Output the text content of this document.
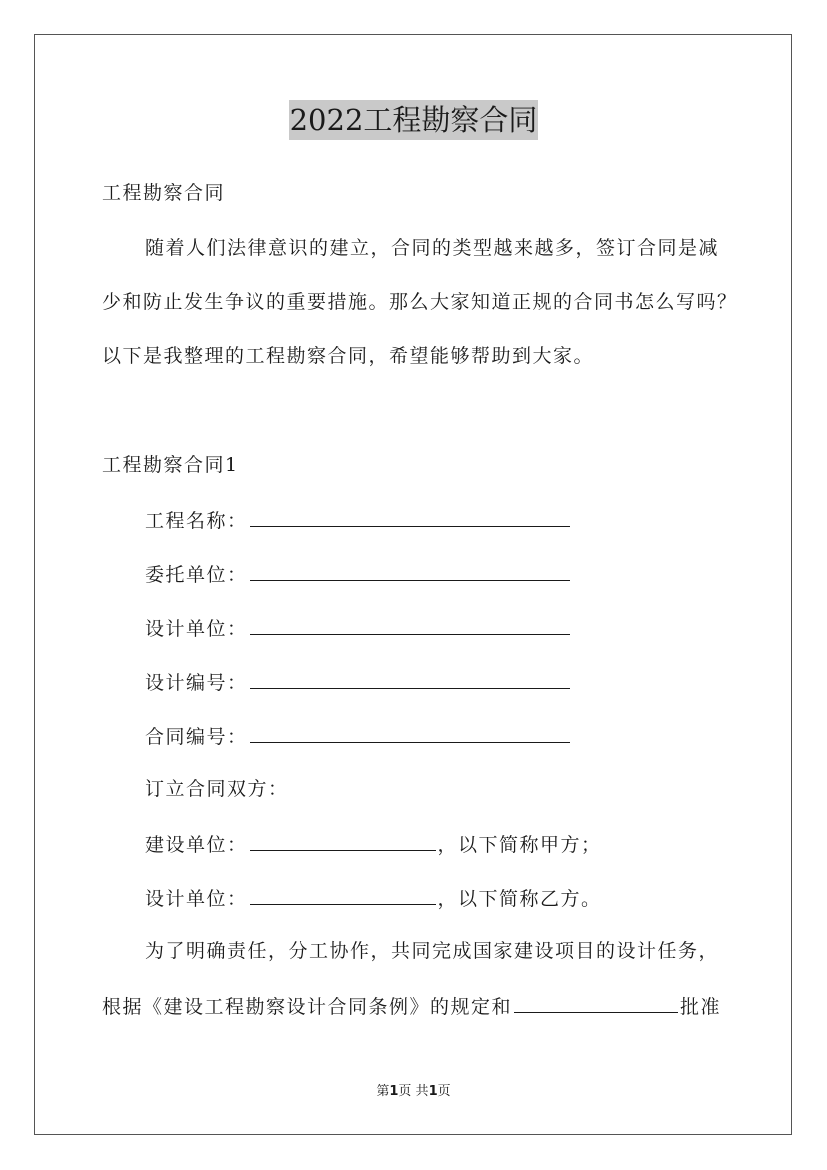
2022工程勘察合同
工程勘察合同
随着人们法律意识的建立，合同的类型越来越多，签订合同是减
少和防止发生争议的重要措施。那么大家知道正规的合同书怎么写吗？
以下是我整理的工程勘察合同，希望能够帮助到大家。
工程勘察合同1
工程名称：
委托单位：
设计单位：
设计编号：
合同编号：
订立合同双方：
建设单位：	，以下简称甲方；
设计单位：	，以下简称乙方。
为了明确责任，分工协作，共同完成国家建设项目的设计任务，
根据《建设工程勘察设计合同条例》的规定和	批准
第1页 共1页
